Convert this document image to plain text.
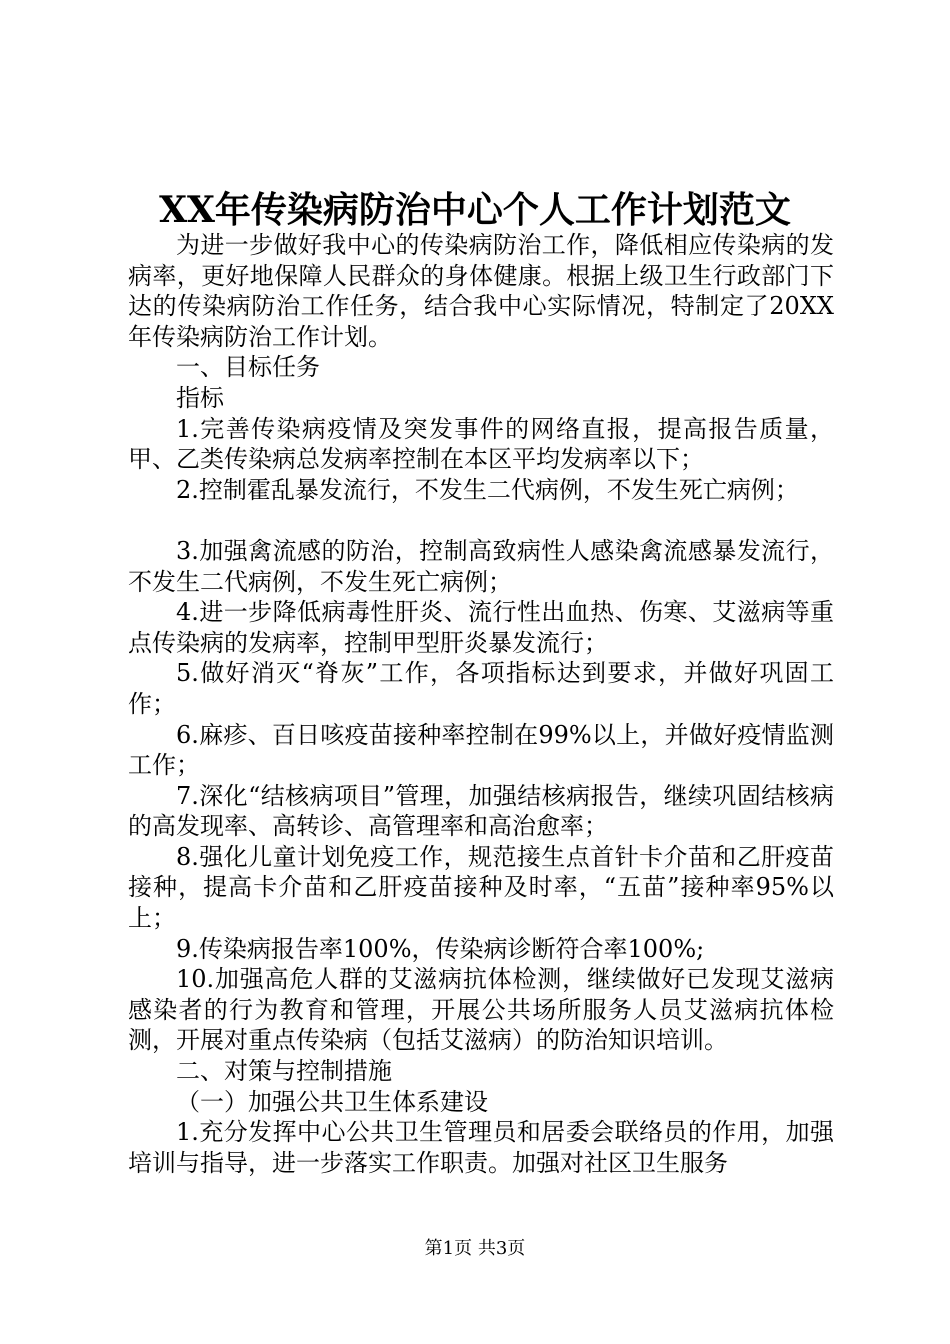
XX年传染病防治中心个人工作计划范文

为进一步做好我中心的传染病防治工作，降低相应传染病的发病率，更好地保障人民群众的身体健康。根据上级卫生行政部门下达的传染病防治工作任务，结合我中心实际情况，特制定了20XX年传染病防治工作计划。

一、目标任务

指标

1.完善传染病疫情及突发事件的网络直报，提高报告质量，甲、乙类传染病总发病率控制在本区平均发病率以下；

2.控制霍乱暴发流行，不发生二代病例，不发生死亡病例；

3.加强禽流感的防治，控制高致病性人感染禽流感暴发流行，不发生二代病例，不发生死亡病例；

4.进一步降低病毒性肝炎、流行性出血热、伤寒、艾滋病等重点传染病的发病率，控制甲型肝炎暴发流行；

5.做好消灭“脊灰”工作，各项指标达到要求，并做好巩固工作；

6.麻疹、百日咳疫苗接种率控制在99%以上，并做好疫情监测工作；

7.深化“结核病项目”管理，加强结核病报告，继续巩固结核病的高发现率、高转诊、高管理率和高治愈率；

8.强化儿童计划免疫工作，规范接生点首针卡介苗和乙肝疫苗接种，提高卡介苗和乙肝疫苗接种及时率，“五苗”接种率95%以上；

9.传染病报告率100%，传染病诊断符合率100%;

10.加强高危人群的艾滋病抗体检测，继续做好已发现艾滋病感染者的行为教育和管理，开展公共场所服务人员艾滋病抗体检测，开展对重点传染病（包括艾滋病）的防治知识培训。

二、对策与控制措施

（一）加强公共卫生体系建设

1.充分发挥中心公共卫生管理员和居委会联络员的作用，加强培训与指导，进一步落实工作职责。加强对社区卫生服务

第1页 共3页
